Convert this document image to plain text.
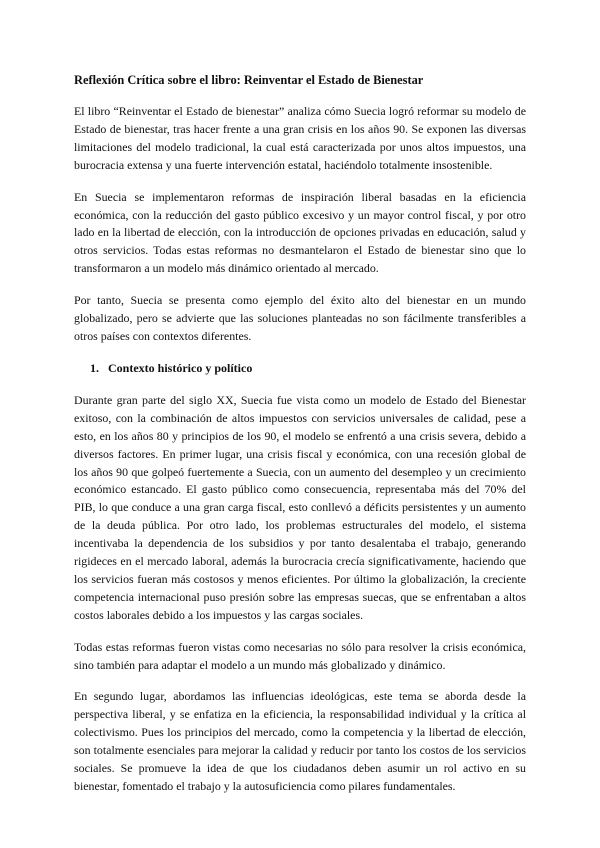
Reflexión Crítica sobre el libro: Reinventar el Estado de Bienestar

El libro “Reinventar el Estado de bienestar” analiza cómo Suecia logró reformar su modelo de Estado de bienestar, tras hacer frente a una gran crisis en los años 90. Se exponen las diversas limitaciones del modelo tradicional, la cual está caracterizada por unos altos impuestos, una burocracia extensa y una fuerte intervención estatal, haciéndolo totalmente insostenible.

En Suecia se implementaron reformas de inspiración liberal basadas en la eficiencia económica, con la reducción del gasto público excesivo y un mayor control fiscal, y por otro lado en la libertad de elección, con la introducción de opciones privadas en educación, salud y otros servicios. Todas estas reformas no desmantelaron el Estado de bienestar sino que lo transformaron a un modelo más dinámico orientado al mercado.

Por tanto, Suecia se presenta como ejemplo del éxito alto del bienestar en un mundo globalizado, pero se advierte que las soluciones planteadas no son fácilmente transferibles a otros países con contextos diferentes.

1. Contexto histórico y político

Durante gran parte del siglo XX, Suecia fue vista como un modelo de Estado del Bienestar exitoso, con la combinación de altos impuestos con servicios universales de calidad, pese a esto, en los años 80 y principios de los 90, el modelo se enfrentó a una crisis severa, debido a diversos factores. En primer lugar, una crisis fiscal y económica, con una recesión global de los años 90 que golpeó fuertemente a Suecia, con un aumento del desempleo y un crecimiento económico estancado. El gasto público como consecuencia, representaba más del 70% del PIB, lo que conduce a una gran carga fiscal, esto conllevó a déficits persistentes y un aumento de la deuda pública. Por otro lado, los problemas estructurales del modelo, el sistema incentivaba la dependencia de los subsidios y por tanto desalentaba el trabajo, generando rigideces en el mercado laboral, además la burocracia crecía significativamente, haciendo que los servicios fueran más costosos y menos eficientes. Por último la globalización, la creciente competencia internacional puso presión sobre las empresas suecas, que se enfrentaban a altos costos laborales debido a los impuestos y las cargas sociales.

Todas estas reformas fueron vistas como necesarias no sólo para resolver la crisis económica, sino también para adaptar el modelo a un mundo más globalizado y dinámico.

En segundo lugar, abordamos las influencias ideológicas, este tema se aborda desde la perspectiva liberal, y se enfatiza en la eficiencia, la responsabilidad individual y la crítica al colectivismo. Pues los principios del mercado, como la competencia y la libertad de elección, son totalmente esenciales para mejorar la calidad y reducir por tanto los costos de los servicios sociales. Se promueve la idea de que los ciudadanos deben asumir un rol activo en su bienestar, fomentado el trabajo y la autosuficiencia como pilares fundamentales.
